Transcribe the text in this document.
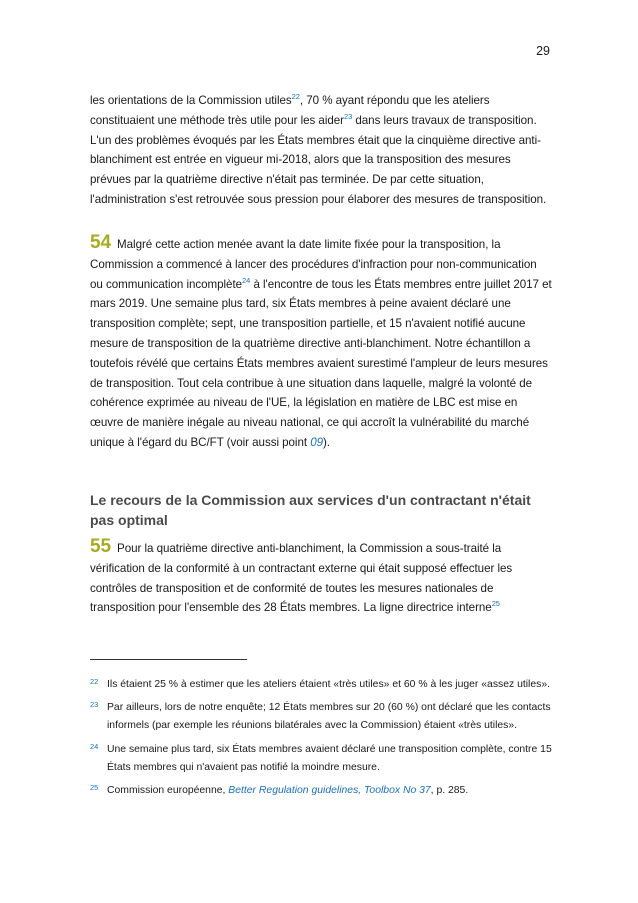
29
les orientations de la Commission utiles$^{22}$, 70 % ayant répondu que les ateliers constituaient une méthode très utile pour les aider$^{23}$ dans leurs travaux de transposition. L'un des problèmes évoqués par les États membres était que la cinquième directive anti-blanchiment est entrée en vigueur mi-2018, alors que la transposition des mesures prévues par la quatrième directive n'était pas terminée. De par cette situation, l'administration s'est retrouvée sous pression pour élaborer des mesures de transposition.
54 Malgré cette action menée avant la date limite fixée pour la transposition, la Commission a commencé à lancer des procédures d'infraction pour non-communication ou communication incomplète$^{24}$ à l'encontre de tous les États membres entre juillet 2017 et mars 2019. Une semaine plus tard, six États membres à peine avaient déclaré une transposition complète; sept, une transposition partielle, et 15 n'avaient notifié aucune mesure de transposition de la quatrième directive anti-blanchiment. Notre échantillon a toutefois révélé que certains États membres avaient surestimé l'ampleur de leurs mesures de transposition. Tout cela contribue à une situation dans laquelle, malgré la volonté de cohérence exprimée au niveau de l'UE, la législation en matière de LBC est mise en œuvre de manière inégale au niveau national, ce qui accroît la vulnérabilité du marché unique à l'égard du BC/FT (voir aussi point 09).
Le recours de la Commission aux services d'un contractant n'était pas optimal
55 Pour la quatrième directive anti-blanchiment, la Commission a sous-traité la vérification de la conformité à un contractant externe qui était supposé effectuer les contrôles de transposition et de conformité de toutes les mesures nationales de transposition pour l'ensemble des 28 États membres. La ligne directrice interne$^{25}$
22 Ils étaient 25 % à estimer que les ateliers étaient «très utiles» et 60 % à les juger «assez utiles».
23 Par ailleurs, lors de notre enquête; 12 États membres sur 20 (60 %) ont déclaré que les contacts informels (par exemple les réunions bilatérales avec la Commission) étaient «très utiles».
24 Une semaine plus tard, six États membres avaient déclaré une transposition complète, contre 15 États membres qui n'avaient pas notifié la moindre mesure.
25 Commission européenne, Better Regulation guidelines, Toolbox No 37, p. 285.
